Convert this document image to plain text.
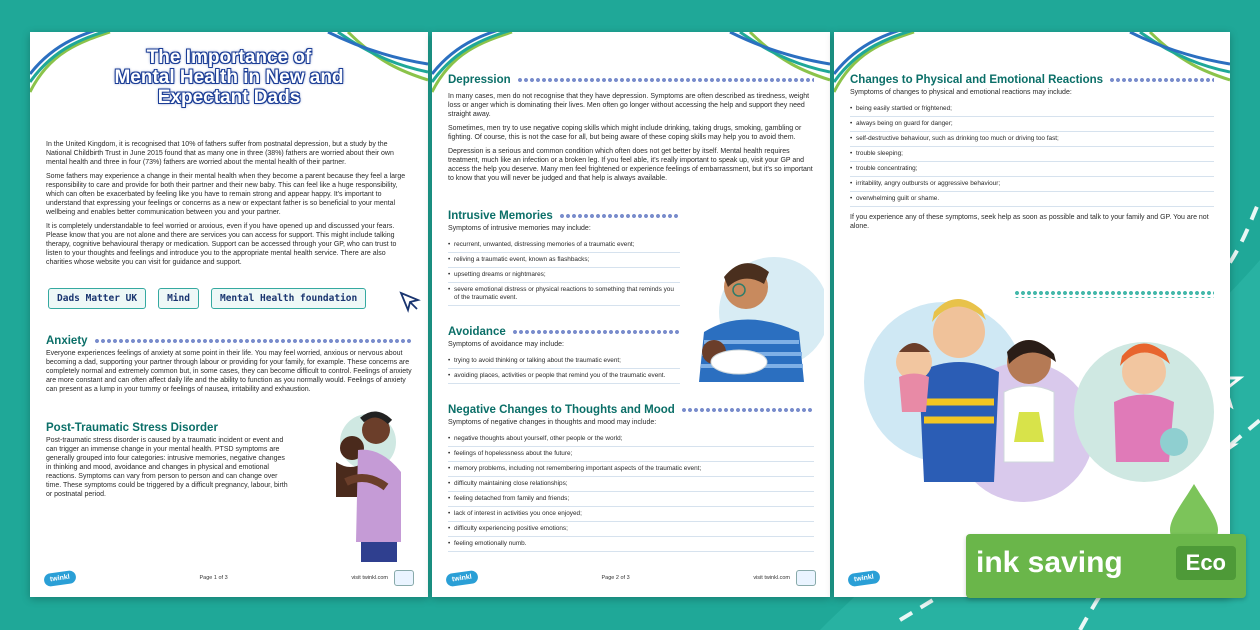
The Importance of
Mental Health in New and
Expectant Dads

In the United Kingdom, it is recognised that 10% of fathers suffer from postnatal depression, but a study by the National Childbirth Trust in June 2015 found that as many one in three (38%) fathers are worried about their own mental health and three in four (73%) fathers are worried about the mental health of their partner.

Some fathers may experience a change in their mental health when they become a parent because they feel a large responsibility to care and provide for both their partner and their new baby. This can feel like a huge responsibility, which can often be exacerbated by feeling like you have to remain strong and appear happy. It's important to understand that expressing your feelings or concerns as a new or expectant father is so beneficial to your mental wellbeing and enables better communication between you and your partner.

It is completely understandable to feel worried or anxious, even if you have opened up and discussed your fears. Please know that you are not alone and there are services you can access for support. This might include talking therapy, cognitive behavioural therapy or medication. Support can be accessed through your GP, who can trust to listen to your thoughts and feelings and introduce you to the appropriate mental health service. There are also charities whose website you can visit for guidance and support.

Dads Matter UK	Mind	Mental Health foundation
Anxiety

Everyone experiences feelings of anxiety at some point in their life. You may feel worried, anxious or nervous about becoming a dad, supporting your partner through labour or providing for your family, for example. These concerns are completely normal and extremely common but, in some cases, they can become difficult to control. Feelings of anxiety are more constant and can often affect daily life and the ability to function as you normally would. Feelings of anxiety can present as a lump in your tummy or feelings of nausea, irritability and exhaustion.

Post-Traumatic Stress Disorder

Post-traumatic stress disorder is caused by a traumatic incident or event and can trigger an immense change in your mental health. PTSD symptoms are generally grouped into four categories: intrusive memories, negative changes in thinking and mood, avoidance and changes in physical and emotional reactions. Symptoms can vary from person to person and can change over time. These symptoms could be triggered by a difficult pregnancy, labour, birth or postnatal period.

twinkl	Page 1 of 3	visit twinkl.com
Depression

In many cases, men do not recognise that they have depression. Symptoms are often described as tiredness, weight loss or anger which is dominating their lives. Men often go longer without accessing the help and support they need straight away.

Sometimes, men try to use negative coping skills which might include drinking, taking drugs, smoking, gambling or fighting. Of course, this is not the case for all, but being aware of these coping skills may help you to avoid them.

Depression is a serious and common condition which often does not get better by itself. Mental health requires treatment, much like an infection or a broken leg. If you feel able, it's really important to speak up, visit your GP and access the help you deserve. Many men feel frightened or experience feelings of embarrassment, but it's so important to know that you will never be judged and that help is always available.

Intrusive Memories

Symptoms of intrusive memories may include:

• recurrent, unwanted, distressing memories of a traumatic event;
• reliving a traumatic event, known as flashbacks;
• upsetting dreams or nightmares;
• severe emotional distress or physical reactions to something that reminds you of the traumatic event.
Avoidance

Symptoms of avoidance may include:

• trying to avoid thinking or talking about the traumatic event;
• avoiding places, activities or people that remind you of the traumatic event.
Negative Changes to Thoughts and Mood

Symptoms of negative changes in thoughts and mood may include:

• negative thoughts about yourself, other people or the world;
• feelings of hopelessness about the future;
• memory problems, including not remembering important aspects of the traumatic event;
• difficulty maintaining close relationships;
• feeling detached from family and friends;
• lack of interest in activities you once enjoyed;
• difficulty experiencing positive emotions;
• feeling emotionally numb.
twinkl	Page 2 of 3	visit twinkl.com
Changes to Physical and Emotional Reactions

Symptoms of changes to physical and emotional reactions may include:

• being easily startled or frightened;
• always being on guard for danger;
• self-destructive behaviour, such as drinking too much or driving too fast;
• trouble sleeping;
• trouble concentrating;
• irritability, angry outbursts or aggressive behaviour;
• overwhelming guilt or shame.

If you experience any of these symptoms, seek help as soon as possible and talk to your family and GP. You are not alone.

twinkl	ink saving	Eco
